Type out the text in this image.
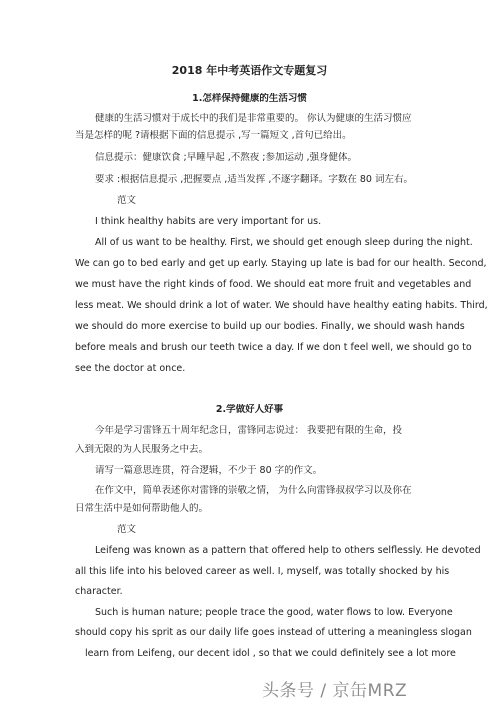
2018 年中考英语作文专题复习
1.怎样保持健康的生活习惯
健康的生活习惯对于成长中的我们是非常重要的。 你认为健康的生活习惯应
当是怎样的呢 ?请根据下面的信息提示 ,写一篇短文 ,首句已给出。
信息提示：健康饮食 ;早睡早起 ,不熬夜 ;参加运动 ,强身健体。
要求 :根据信息提示 ,把握要点 ,适当发挥 ,不逐字翻译。字数在 80 词左右。
范文
I think healthy habits are very important for us.
All of us want to be healthy. First, we should get enough sleep during the night.
We can go to bed early and get up early. Staying up late is bad for our health. Second,
we must have the right kinds of food. We should eat more fruit and vegetables and
less meat. We should drink a lot of water. We should have healthy eating habits. Third,
we should do more exercise to build up our bodies. Finally, we should wash hands
before meals and brush our teeth twice a day. If we don t feel well, we should go to
see the doctor at once.
2.学做好人好事
今年是学习雷锋五十周年纪念日，雷锋同志说过： 我要把有限的生命，投
入到无限的为人民服务之中去。
请写一篇意思连贯，符合逻辑，不少于 80 字的作文。
在作文中，简单表述你对雷锋的崇敬之情， 为什么向雷锋叔叔学习以及你在
日常生活中是如何帮助他人的。
范文
Leifeng was known as a pattern that offered help to others selflessly. He devoted
all this life into his beloved career as well. I, myself, was totally shocked by his
character.
Such is human nature; people trace the good, water flows to low. Everyone
should copy his sprit as our daily life goes instead of uttering a meaningless slogan
learn from Leifeng, our decent idol , so that we could definitely see a lot more
头条号 / 京缶MRZ
